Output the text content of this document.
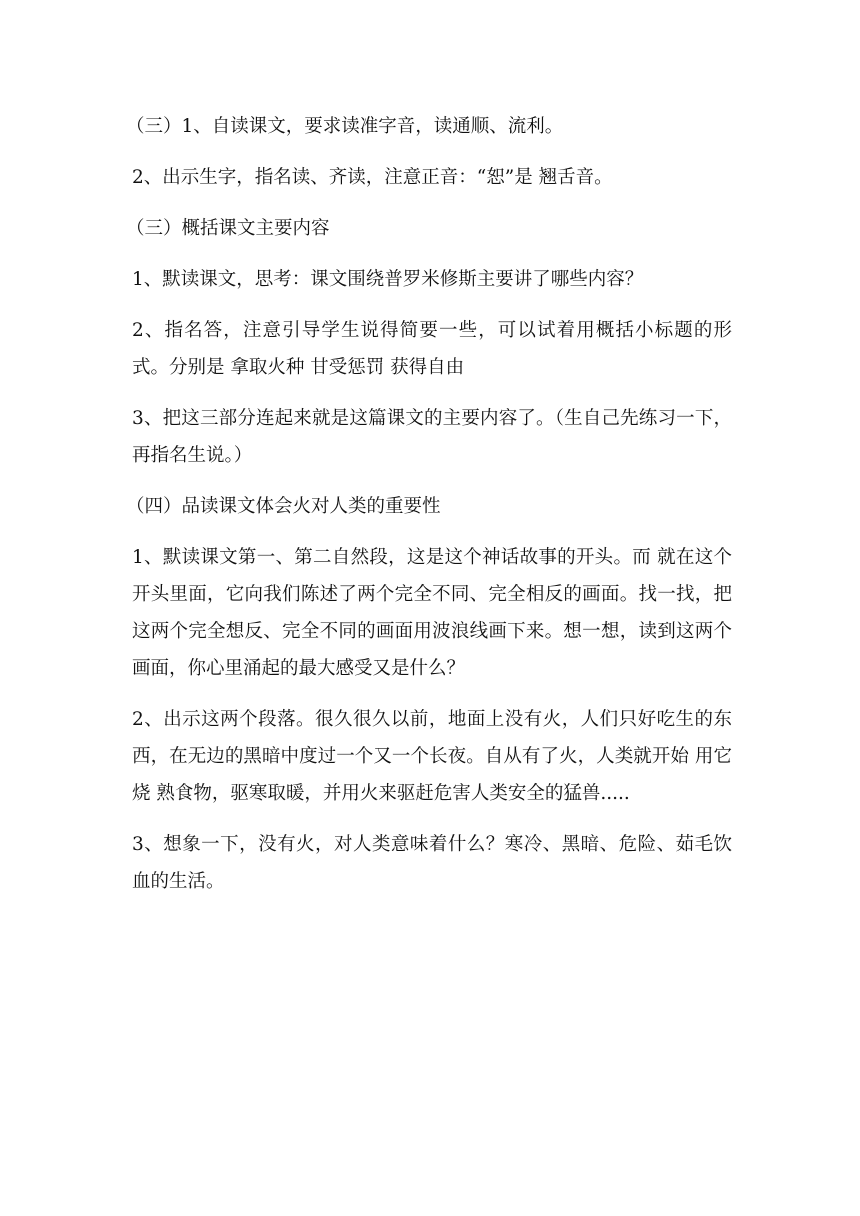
（三）1、自读课文，要求读准字音，读通顺、流利。

2、出示生字，指名读、齐读，注意正音：“恕”是 翘舌音。

（三）概括课文主要内容

1、默读课文，思考：课文围绕普罗米修斯主要讲了哪些内容？

2、指名答，注意引导学生说得简要一些，可以试着用概括小标题的形式。分别是 拿取火种 甘受惩罚 获得自由

3、把这三部分连起来就是这篇课文的主要内容了。（生自己先练习一下，再指名生说。）

（四）品读课文体会火对人类的重要性

1、默读课文第一、第二自然段，这是这个神话故事的开头。而 就在这个开头里面，它向我们陈述了两个完全不同、完全相反的画面。找一找，把这两个完全想反、完全不同的画面用波浪线画下来。想一想，读到这两个画面，你心里涌起的最大感受又是什么？

2、出示这两个段落。很久很久以前，地面上没有火，人们只好吃生的东西，在无边的黑暗中度过一个又一个长夜。自从有了火，人类就开始 用它烧 熟食物，驱寒取暖，并用火来驱赶危害人类安全的猛兽.....

3、想象一下，没有火，对人类意味着什么？寒冷、黑暗、危险、茹毛饮血的生活。
